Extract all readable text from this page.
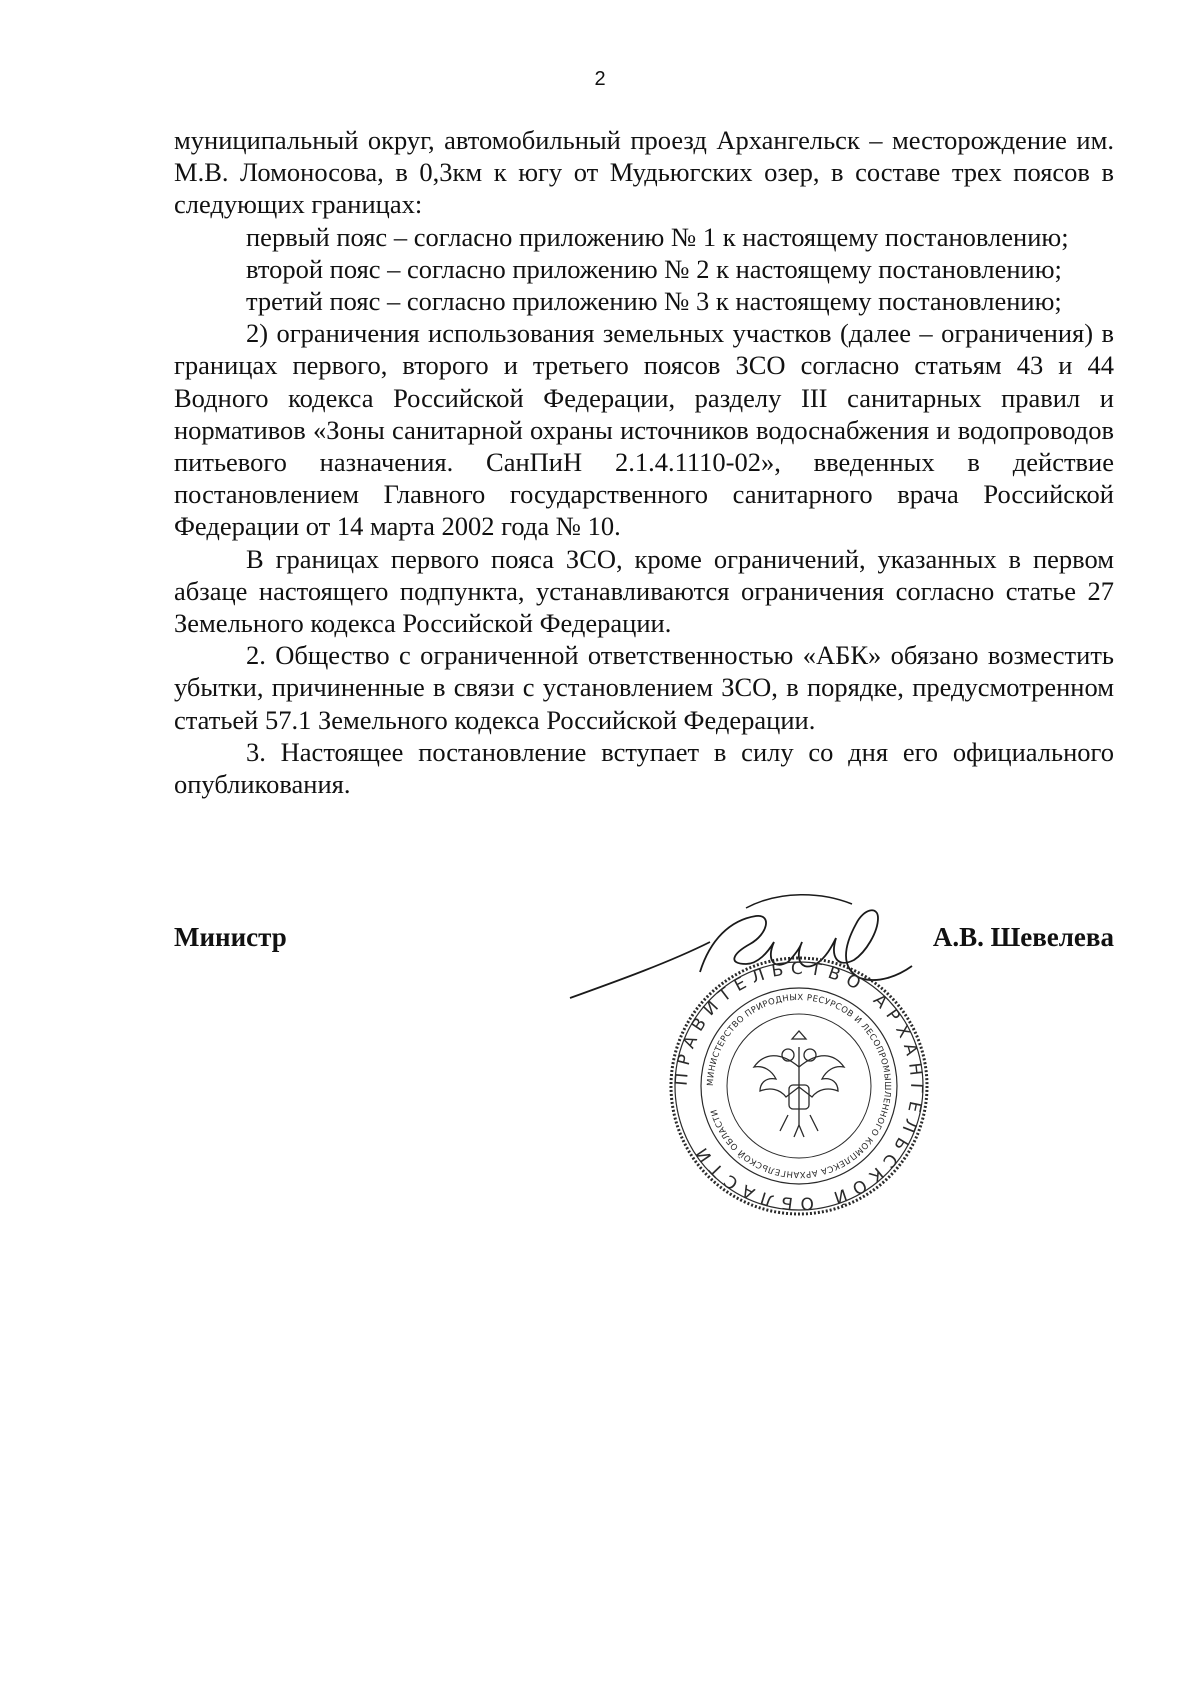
2

муниципальный округ, автомобильный проезд Архангельск – месторождение им. М.В. Ломоносова, в 0,3км к югу от Мудьюгских озер, в составе трех поясов в следующих границах:

первый пояс – согласно приложению № 1 к настоящему постановлению;

второй пояс – согласно приложению № 2 к настоящему постановлению;

третий пояс – согласно приложению № 3 к настоящему постановлению;

2) ограничения использования земельных участков (далее – ограничения) в границах первого, второго и третьего поясов ЗСО согласно статьям 43 и 44 Водного кодекса Российской Федерации, разделу III санитарных правил и нормативов «Зоны санитарной охраны источников водоснабжения и водопроводов питьевого назначения. СанПиН 2.1.4.1110-02», введенных в действие постановлением Главного государственного санитарного врача Российской Федерации от 14 марта 2002 года № 10.

В границах первого пояса ЗСО, кроме ограничений, указанных в первом абзаце настоящего подпункта, устанавливаются ограничения согласно статье 27 Земельного кодекса Российской Федерации.

2. Общество с ограниченной ответственностью «АБК» обязано возместить убытки, причиненные в связи с установлением ЗСО, в порядке, предусмотренном статьей 57.1 Земельного кодекса Российской Федерации.

3. Настоящее постановление вступает в силу со дня его официального опубликования.

Министр	А.В. Шевелева
ПРАВИТЕЛЬСТВО АРХАНГЕЛЬСКОЙ ОБЛАСТИ
МИНИСТЕРСТВО ПРИРОДНЫХ РЕСУРСОВ И ЛЕСОПРОМЫШЛЕННОГО КОМПЛЕКСА АРХАНГЕЛЬСКОЙ ОБЛАСТИ
